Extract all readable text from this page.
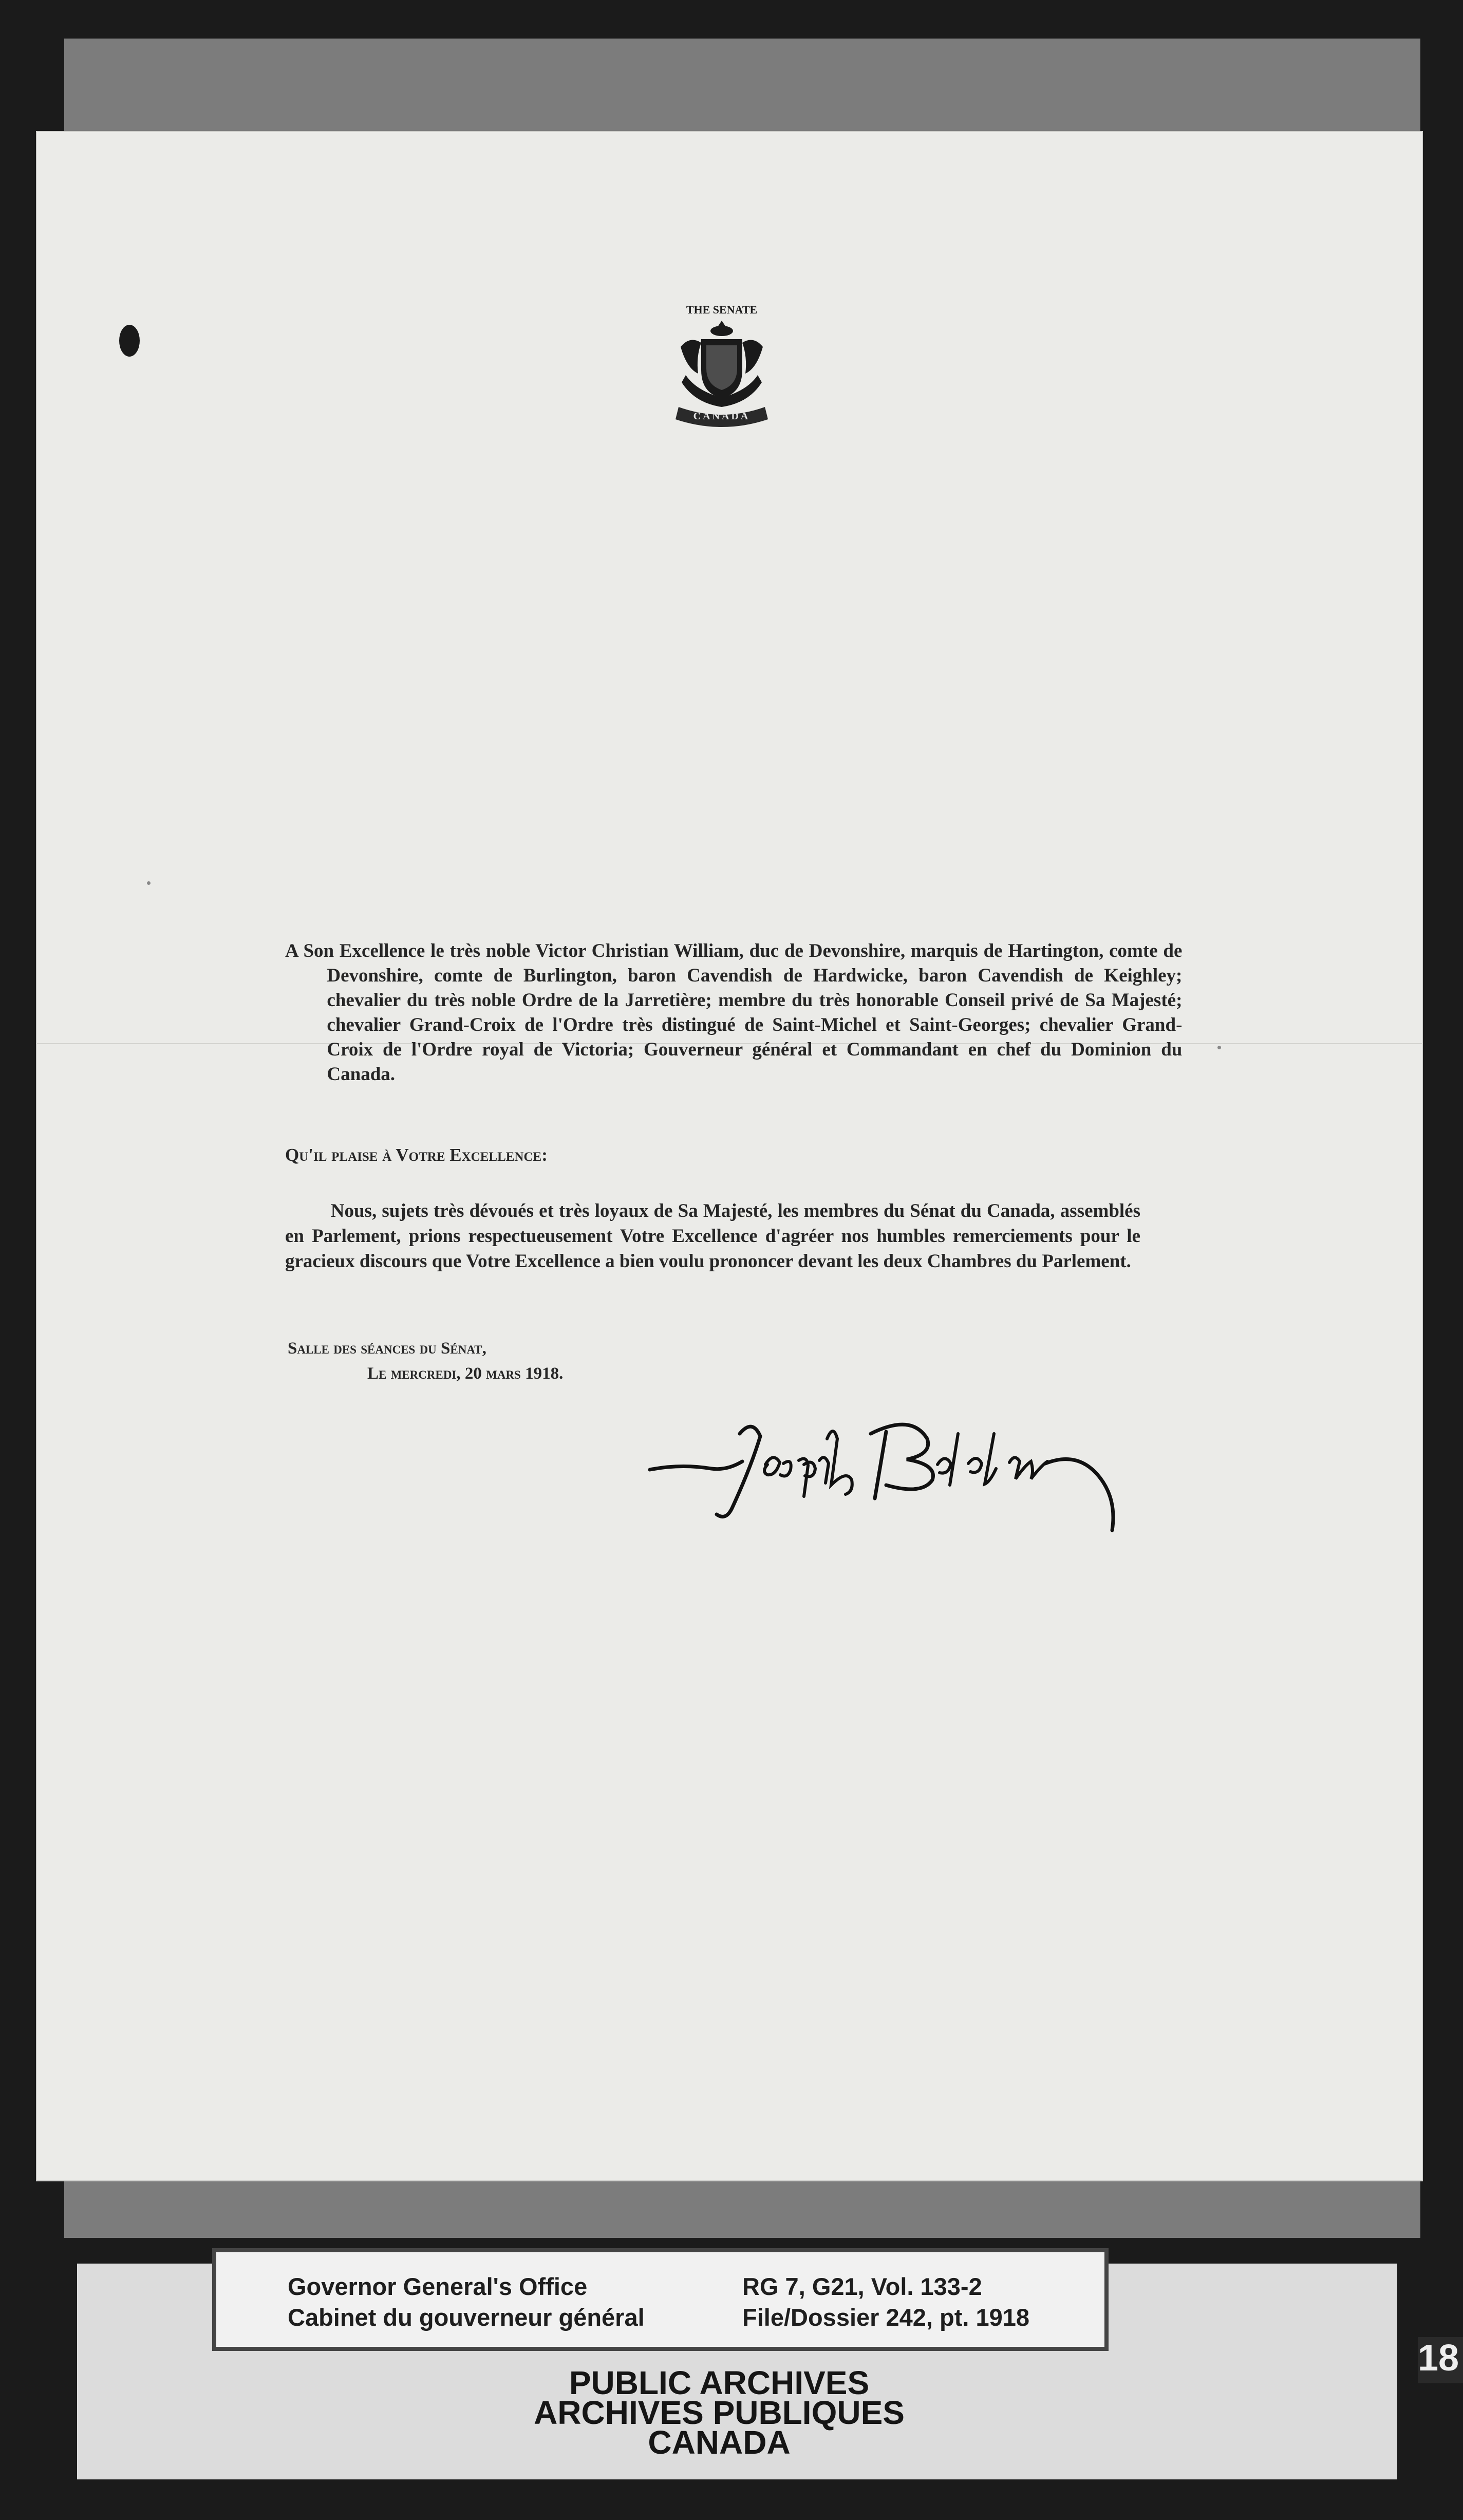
THE SENATE
CANADA

A Son Excellence le très noble Victor Christian William, duc de Devonshire, marquis de Hartington, comte de Devonshire, comte de Burlington, baron Cavendish de Hardwicke, baron Cavendish de Keighley; chevalier du très noble Ordre de la Jarretière; membre du très honorable Conseil privé de Sa Majesté; chevalier Grand-Croix de l'Ordre très distingué de Saint-Michel et Saint-Georges; chevalier Grand-Croix de l'Ordre royal de Victoria; Gouverneur général et Commandant en chef du Dominion du Canada.

Qu'il plaise à Votre Excellence:

Nous, sujets très dévoués et très loyaux de Sa Majesté, les membres du Sénat du Canada, assemblés en Parlement, prions respectueusement Votre Excellence d'agréer nos humbles remerciements pour le gracieux discours que Votre Excellence a bien voulu prononcer devant les deux Chambres du Parlement.

Salle des séances du Sénat,
Le mercredi, 20 mars 1918.
Governor General's Office
Cabinet du gouverneur général
RG 7, G21, Vol. 133-2
File/Dossier 242, pt. 1918
PUBLIC ARCHIVES
ARCHIVES PUBLIQUES
CANADA
18
